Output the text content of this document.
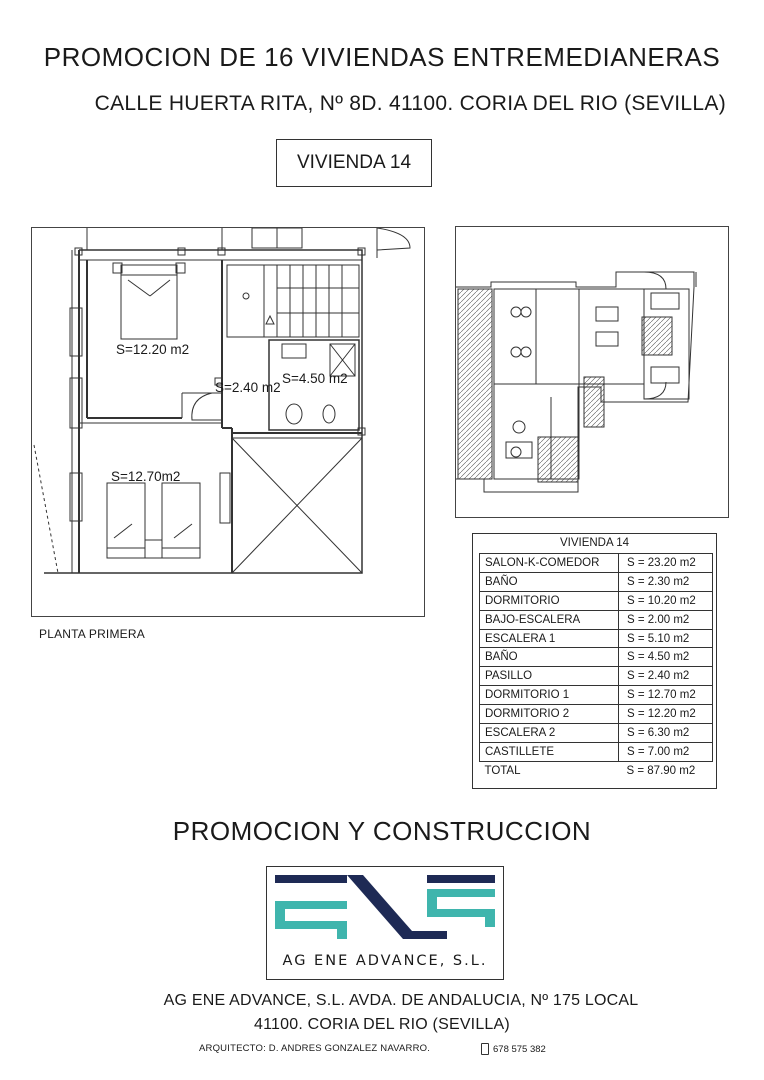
PROMOCION DE 16 VIVIENDAS ENTREMEDIANERAS
CALLE HUERTA RITA, Nº 8D. 41100. CORIA DEL RIO (SEVILLA)
VIVIENDA 14
S=12.20 m2
S=2.40 m2
S=4.50 m2
S=12.70m2
PLANTA PRIMERA
VIVIENDA 14
SALON-K-COMEDOR	S = 23.20 m2
BAÑO	S = 2.30 m2
DORMITORIO	S = 10.20 m2
BAJO-ESCALERA	S = 2.00 m2
ESCALERA 1	S = 5.10 m2
BAÑO	S = 4.50 m2
PASILLO	S = 2.40 m2
DORMITORIO 1	S = 12.70 m2
DORMITORIO 2	S = 12.20 m2
ESCALERA 2	S = 6.30 m2
CASTILLETE	S = 7.00 m2
TOTAL	S = 87.90 m2
PROMOCION Y CONSTRUCCION
AG ENE ADVANCE, S.L.
AG ENE ADVANCE, S.L. AVDA. DE ANDALUCIA, Nº 175 LOCAL
41100. CORIA DEL RIO (SEVILLA)
ARQUITECTO: D. ANDRES GONZALEZ NAVARRO.	678 575 382
